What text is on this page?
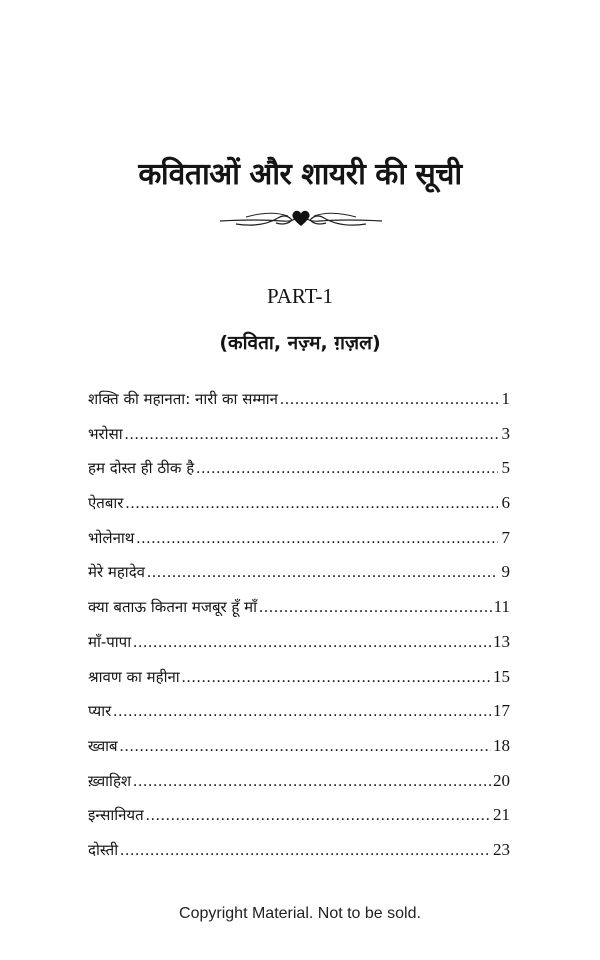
कविताओं और शायरी की सूची
PART-1
(कविता, नज़्म, ग़ज़ल)
शक्ति की महानता: नारी का सम्मान .....	1
भरोसा .....	3
हम दोस्त ही ठीक है .....	5
ऐतबार .....	6
भोलेनाथ .....	7
मेरे महादेव .....	9
क्या बताऊ कितना मजबूर हूँ माँ .....	11
माँ-पापा .....	13
श्रावण का महीना .....	15
प्यार .....	17
ख्वाब .....	18
ख़्वाहिश .....	20
इन्सानियत .....	21
दोस्ती .....	23
Copyright Material. Not to be sold.
